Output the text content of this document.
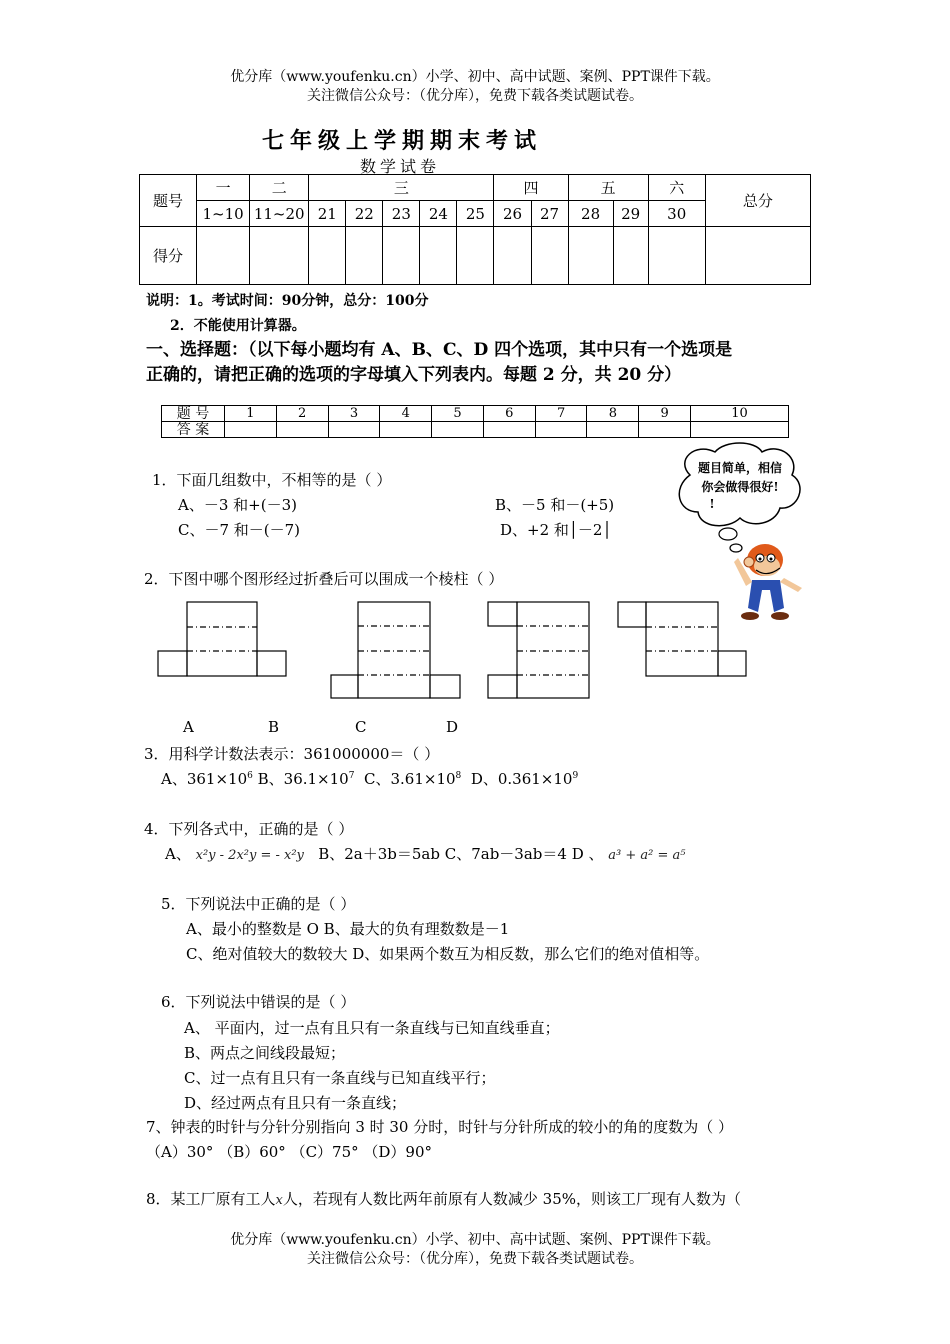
优分库（www.youfenku.cn）小学、初中、高中试题、案例、PPT课件下载。
关注微信公众号：（优分库），免费下载各类试题试卷。
七年级上学期期末考试
数学试卷
题号	一	二	三					四		五		六	总分
	1~10	11~20	21	22	23	24	25	26	27	28	29	30	
得分													
说明：1。考试时间：90分钟，总分：100分
2．不能使用计算器。
一、选择题：（以下每小题均有 A、B、C、D 四个选项，其中只有一个选项是
正确的，请把正确的选项的字母填入下列表内。每题 2 分，共 20 分）
题 号	1	2	3	4	5	6	7	8	9	10
答 案										
题目简单，相信
你会做得很好!
!
1．下面几组数中，不相等的是（ ）
A、－3 和+(－3)	B、－5 和－(+5)
C、－7 和－(－7)	D、+2 和│－2│
2．下图中哪个图形经过折叠后可以围成一个棱柱（ ）
A	B	C	D
3．用科学计数法表示：361000000＝（ ）
A、$361\times 10^6$ B、$36.1\times 10^7$ C、$3.61\times 10^8$ D、$0.361\times 10^9$
4．下列各式中，正确的是（ ）
A、 x²y - 2x²y = - x²y B、2a＋3b＝5ab C、7ab－3ab＝4 D 、 a³ + a² = a⁵
5．下列说法中正确的是（ ）
A、最小的整数是 O B、最大的负有理数数是－1
C、绝对值较大的数较大 D、如果两个数互为相反数，那么它们的绝对值相等。
6．下列说法中错误的是（ ）
A、 平面内，过一点有且只有一条直线与已知直线垂直；
B、两点之间线段最短；
C、过一点有且只有一条直线与已知直线平行；
D、经过两点有且只有一条直线；
7、钟表的时针与分针分别指向 3 时 30 分时，时针与分针所成的较小的角的度数为（ ）
（A）30° （B）60° （C）75° （D）90°
8．某工厂原有工人x人，若现有人数比两年前原有人数减少 35%，则该工厂现有人数为（
优分库（www.youfenku.cn）小学、初中、高中试题、案例、PPT课件下载。
关注微信公众号：（优分库），免费下载各类试题试卷。
